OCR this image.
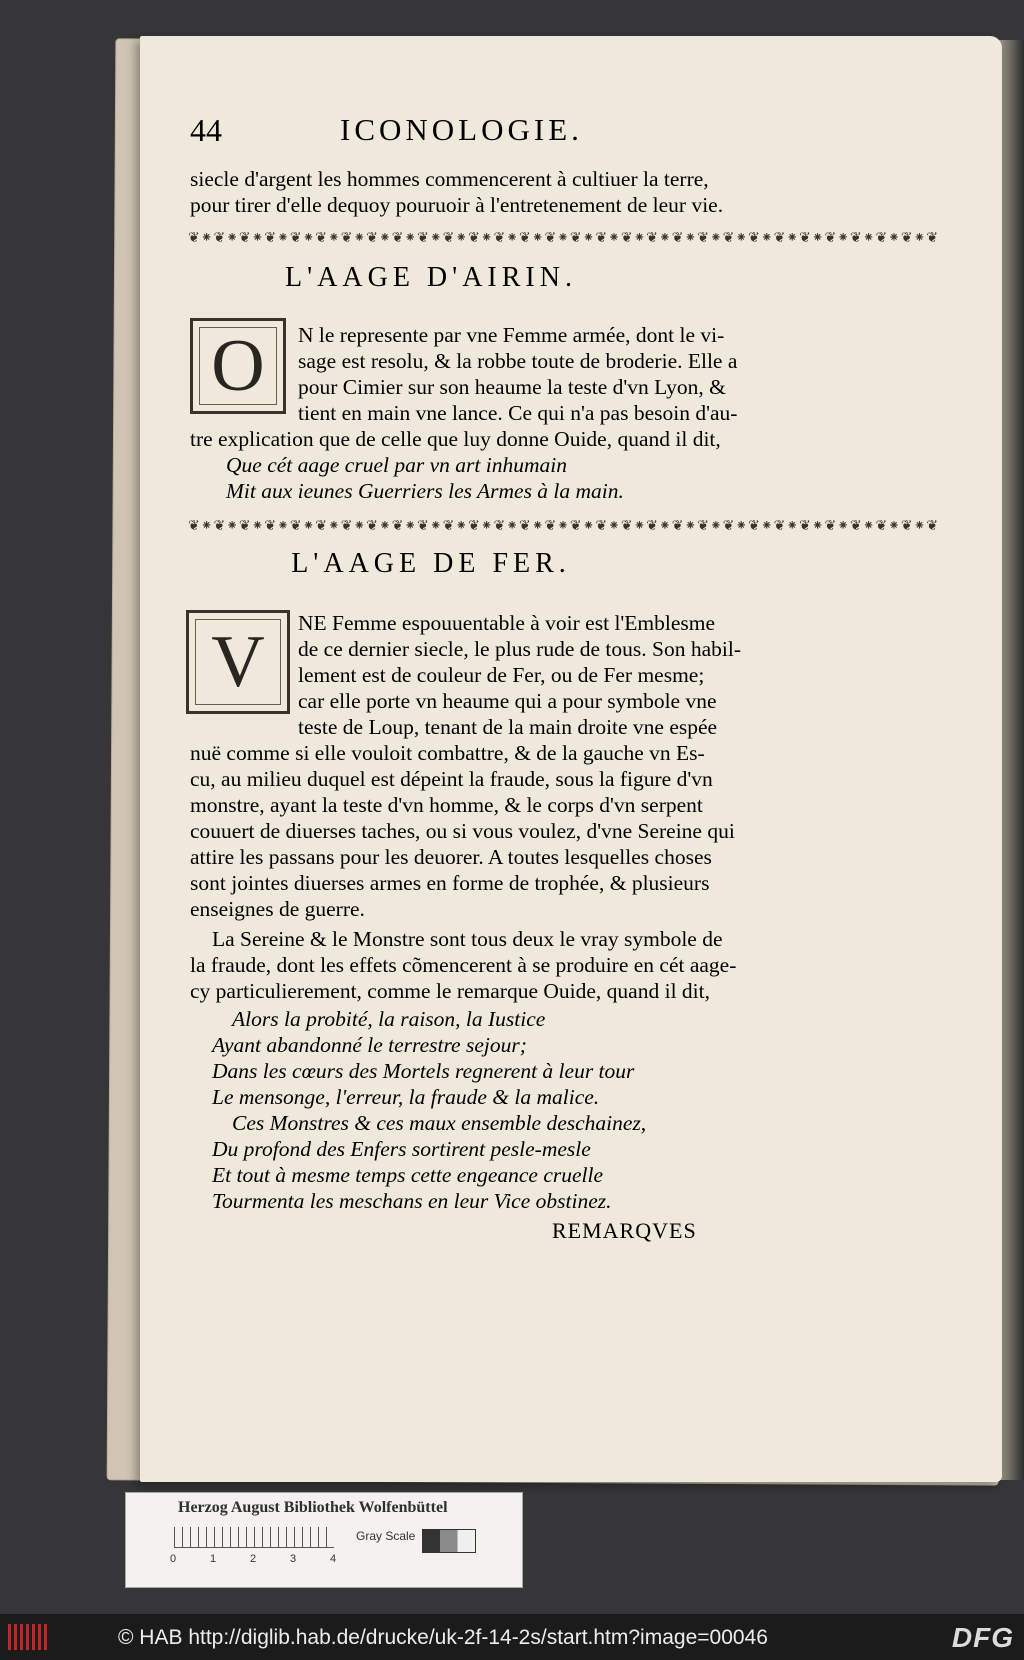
44	ICONOLOGIE.
siecle d'argent les hommes commencerent à cultiuer la terre,
pour tirer d'elle dequoy pouruoir à l'entretenement de leur vie.
❦⁕❦⁕❦⁕❦⁕❦⁕❦⁕❦⁕❦⁕❦⁕❦⁕❦⁕❦⁕❦⁕❦⁕❦⁕❦⁕❦⁕❦⁕❦⁕❦⁕❦⁕❦⁕❦⁕❦⁕❦⁕❦⁕❦⁕❦⁕❦⁕❦
L'AAGE D'AIRIN.
O N le represente par vne Femme armée, dont le vi-
sage est resolu, & la robbe toute de broderie. Elle a
pour Cimier sur son heaume la teste d'vn Lyon, &
tient en main vne lance. Ce qui n'a pas besoin d'au-
tre explication que de celle que luy donne Ouide, quand il dit,
Que cét aage cruel par vn art inhumain
Mit aux ieunes Guerriers les Armes à la main.
❦⁕❦⁕❦⁕❦⁕❦⁕❦⁕❦⁕❦⁕❦⁕❦⁕❦⁕❦⁕❦⁕❦⁕❦⁕❦⁕❦⁕❦⁕❦⁕❦⁕❦⁕❦⁕❦⁕❦⁕❦⁕❦⁕❦⁕❦⁕❦⁕❦
L'AAGE DE FER.
V NE Femme espouuentable à voir est l'Emblesme
de ce dernier siecle, le plus rude de tous. Son habil-
lement est de couleur de Fer, ou de Fer mesme;
car elle porte vn heaume qui a pour symbole vne
teste de Loup, tenant de la main droite vne espée
nuë comme si elle vouloit combattre, & de la gauche vn Es-
cu, au milieu duquel est dépeint la fraude, sous la figure d'vn
monstre, ayant la teste d'vn homme, & le corps d'vn serpent
couuert de diuerses taches, ou si vous voulez, d'vne Sereine qui
attire les passans pour les deuorer. A toutes lesquelles choses
sont jointes diuerses armes en forme de trophée, & plusieurs
enseignes de guerre.
La Sereine & le Monstre sont tous deux le vray symbole de
la fraude, dont les effets cõmencerent à se produire en cét aage-
cy particulierement, comme le remarque Ouide, quand il dit,
Alors la probité, la raison, la Iustice
Ayant abandonné le terrestre sejour;
Dans les cœurs des Mortels regnerent à leur tour
Le mensonge, l'erreur, la fraude & la malice.
Ces Monstres & ces maux ensemble deschainez,
Du profond des Enfers sortirent pesle-mesle
Et tout à mesme temps cette engeance cruelle
Tourmenta les meschans en leur Vice obstinez.
REMARQVES
Herzog August Bibliothek Wolfenbüttel
0	1	2	3	4
Gray Scale
© HAB http://diglib.hab.de/drucke/uk-2f-14-2s/start.htm?image=00046	DFG
